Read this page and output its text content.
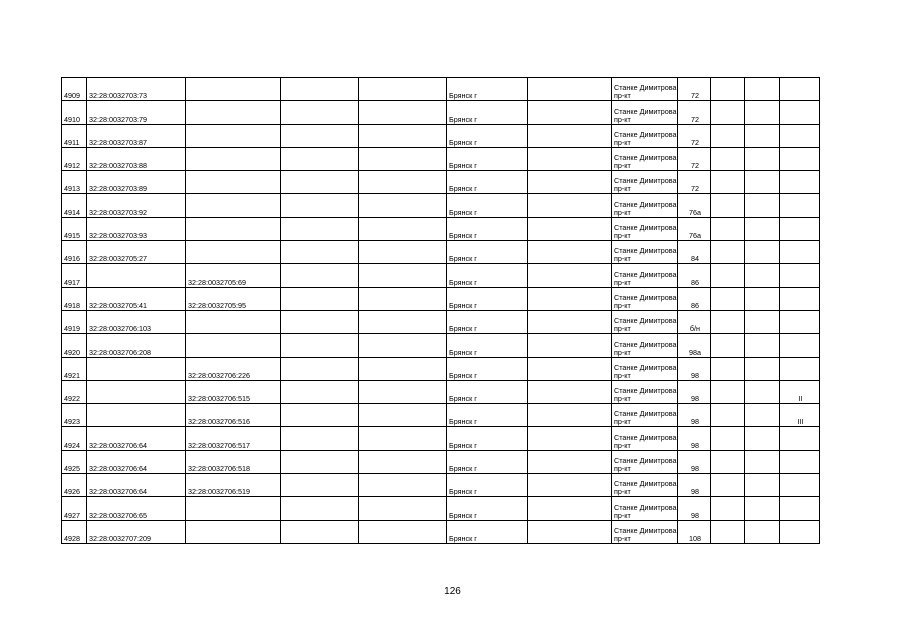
4909	32:28:0032703:73				Брянск г		Станке Димитрова
пр-кт	72			
4910	32:28:0032703:79				Брянск г		Станке Димитрова
пр-кт	72			
4911	32:28:0032703:87				Брянск г		Станке Димитрова
пр-кт	72			
4912	32:28:0032703:88				Брянск г		Станке Димитрова
пр-кт	72			
4913	32:28:0032703:89				Брянск г		Станке Димитрова
пр-кт	72			
4914	32:28:0032703:92				Брянск г		Станке Димитрова
пр-кт	76а			
4915	32:28:0032703:93				Брянск г		Станке Димитрова
пр-кт	76а			
4916	32:28:0032705:27				Брянск г		Станке Димитрова
пр-кт	84			
4917		32:28:0032705:69			Брянск г		Станке Димитрова
пр-кт	86			
4918	32:28:0032705:41	32:28:0032705:95			Брянск г		Станке Димитрова
пр-кт	86			
4919	32:28:0032706:103				Брянск г		Станке Димитрова
пр-кт	б/н			
4920	32:28:0032706:208				Брянск г		Станке Димитрова
пр-кт	98а			
4921		32:28:0032706:226			Брянск г		Станке Димитрова
пр-кт	98			
4922		32:28:0032706:515			Брянск г		Станке Димитрова
пр-кт	98			II
4923		32:28:0032706:516			Брянск г		Станке Димитрова
пр-кт	98			III
4924	32:28:0032706:64	32:28:0032706:517			Брянск г		Станке Димитрова
пр-кт	98			
4925	32:28:0032706:64	32:28:0032706:518			Брянск г		Станке Димитрова
пр-кт	98			
4926	32:28:0032706:64	32:28:0032706:519			Брянск г		Станке Димитрова
пр-кт	98			
4927	32:28:0032706:65				Брянск г		Станке Димитрова
пр-кт	98			
4928	32:28:0032707:209				Брянск г		Станке Димитрова
пр-кт	108			
126
